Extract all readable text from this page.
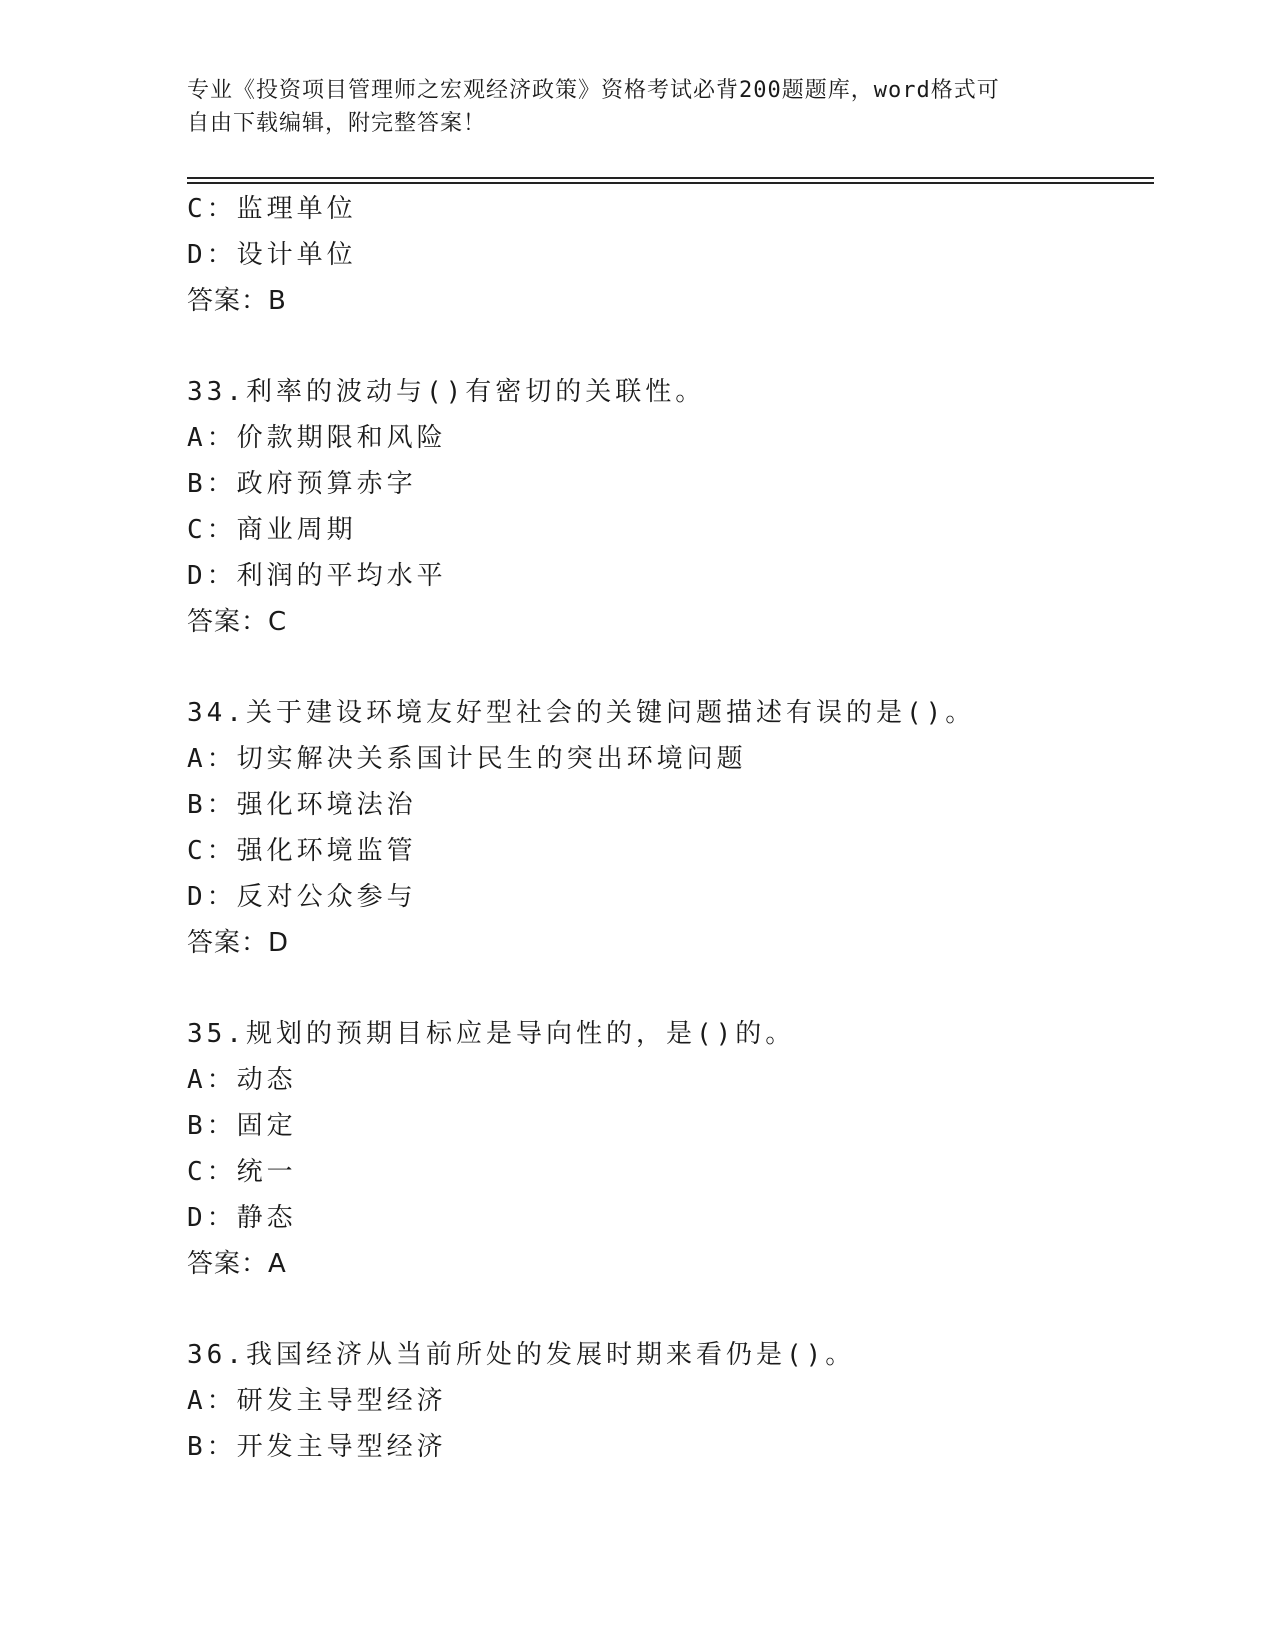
专业《投资项目管理师之宏观经济政策》资格考试必背200题题库，word格式可
自由下载编辑，附完整答案！
C：监理单位
D：设计单位
答案：B
33.利率的波动与()有密切的关联性。
A：价款期限和风险
B：政府预算赤字
C：商业周期
D：利润的平均水平
答案：C
34.关于建设环境友好型社会的关键问题描述有误的是()。
A：切实解决关系国计民生的突出环境问题
B：强化环境法治
C：强化环境监管
D：反对公众参与
答案：D
35.规划的预期目标应是导向性的，是()的。
A：动态
B：固定
C：统一
D：静态
答案：A
36.我国经济从当前所处的发展时期来看仍是()。
A：研发主导型经济
B：开发主导型经济
